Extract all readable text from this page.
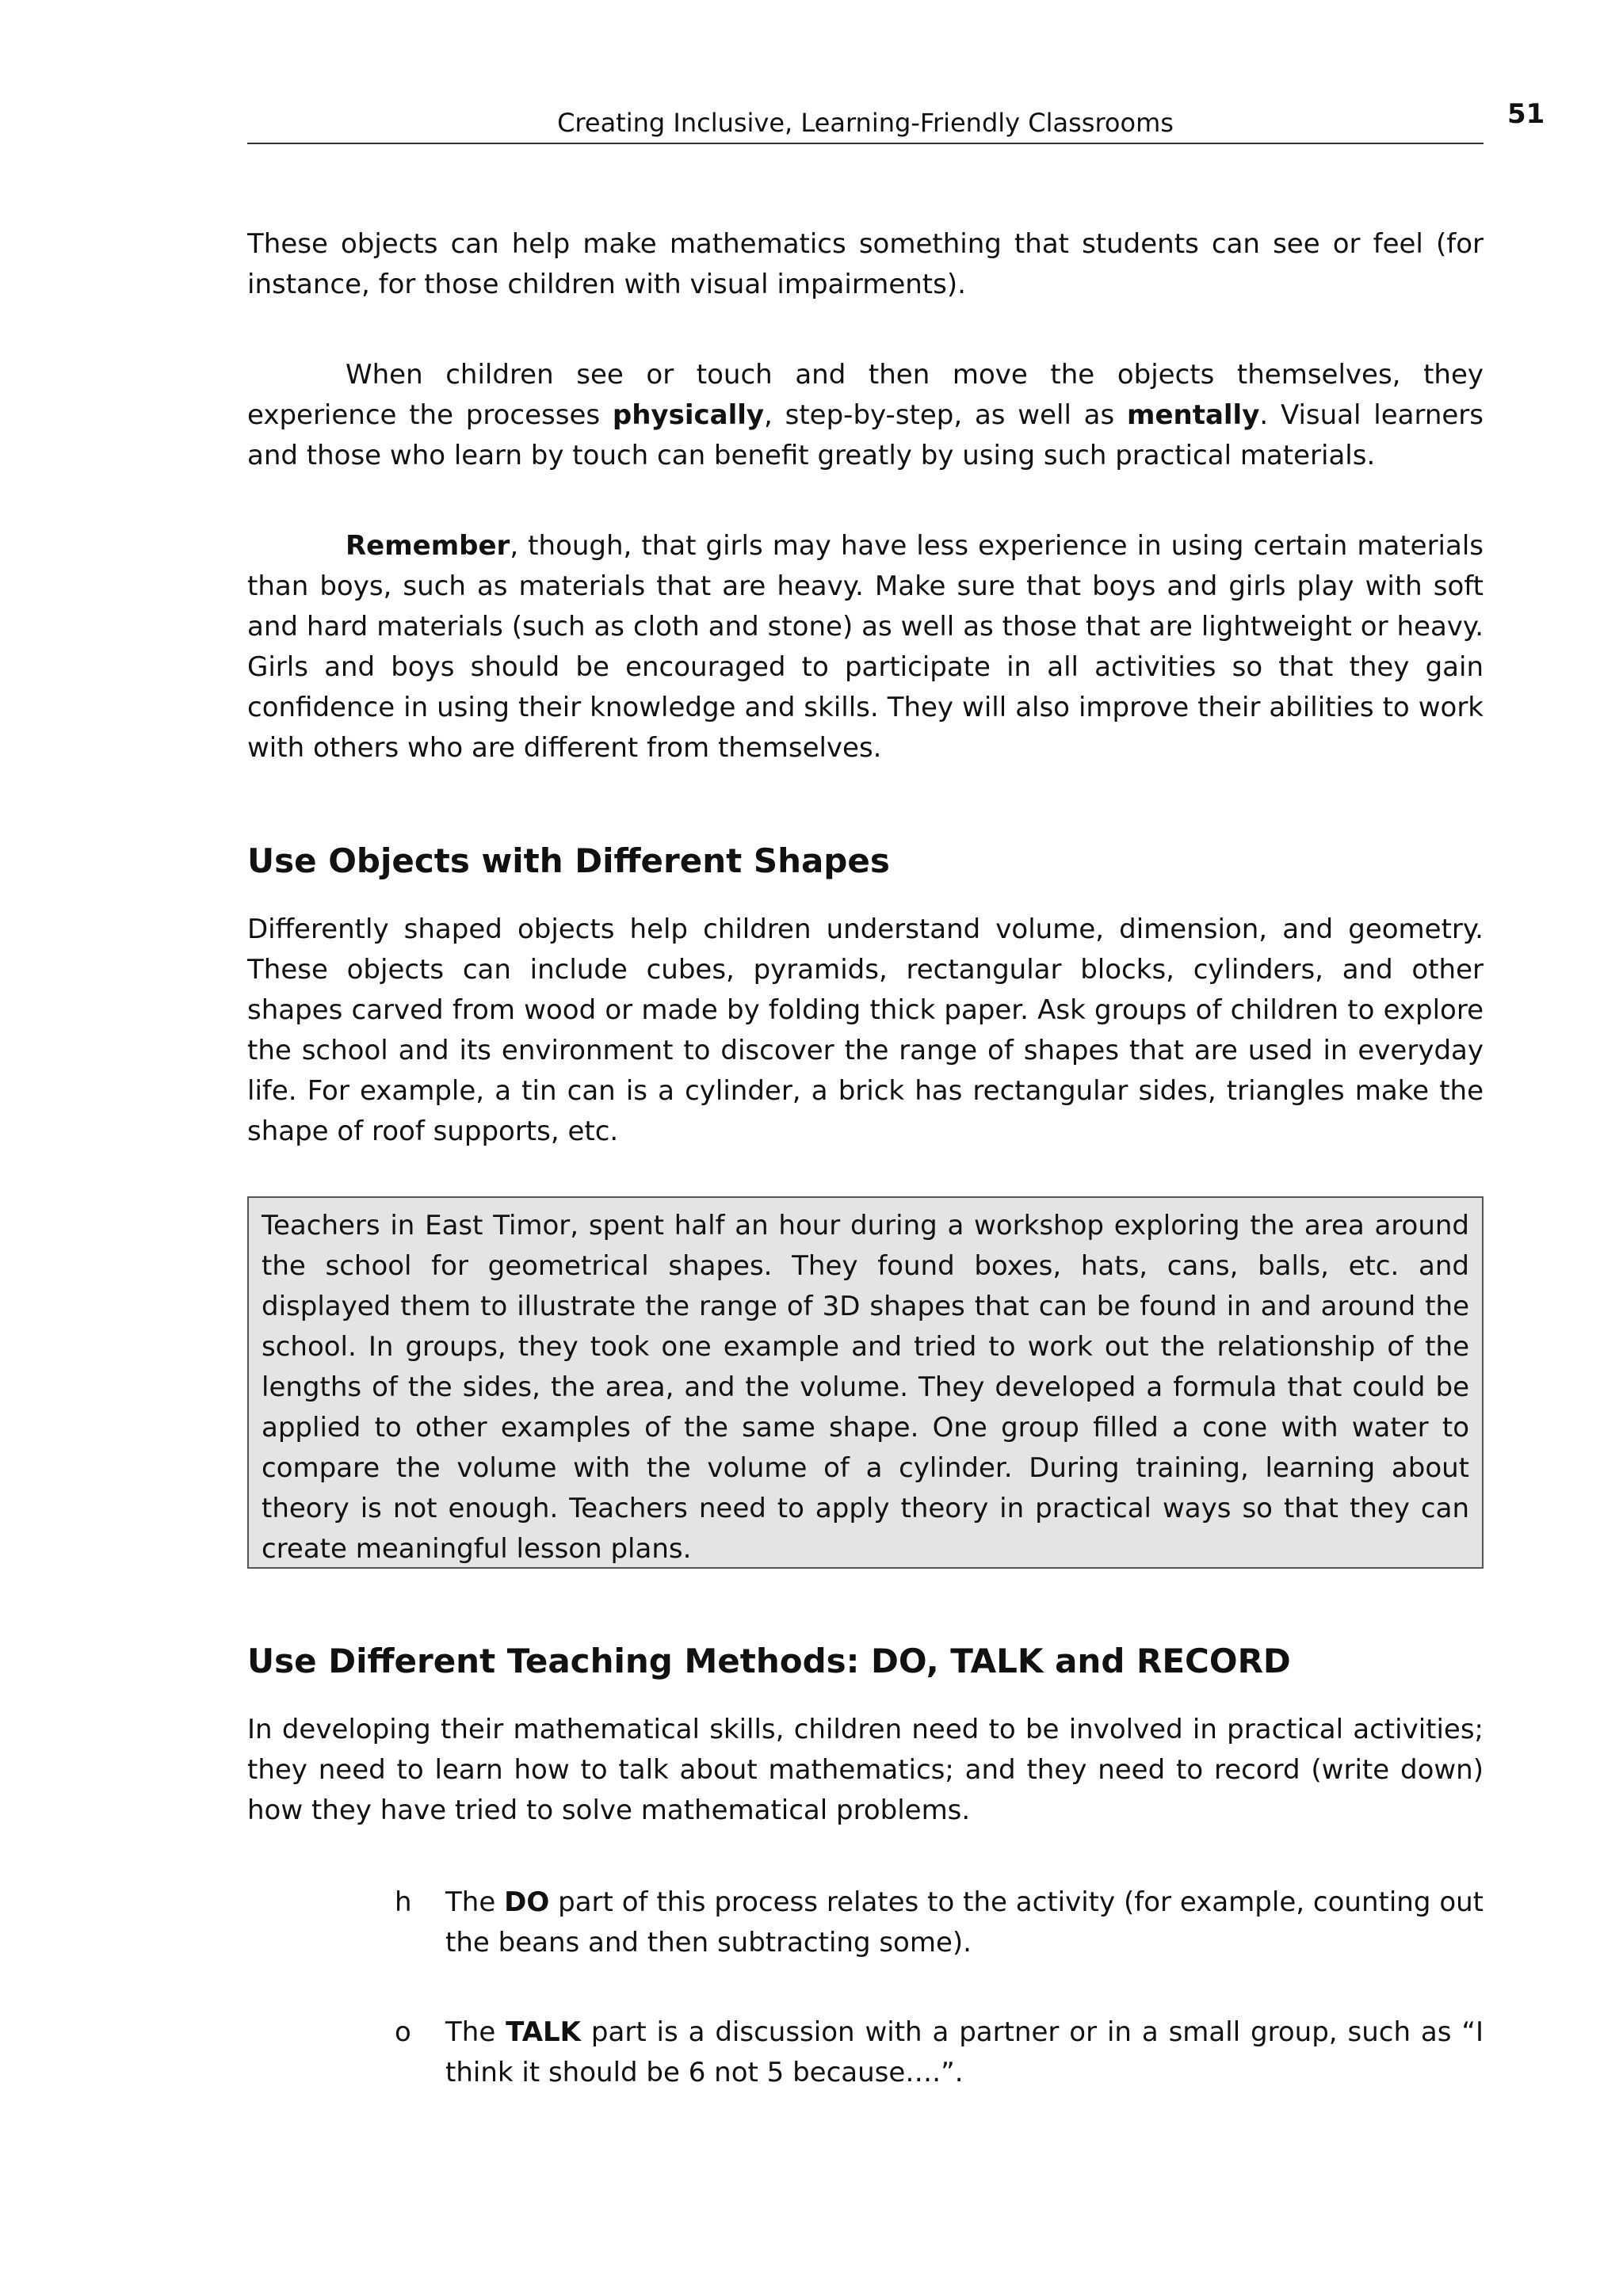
Creating Inclusive, Learning-Friendly Classrooms	51

These objects can help make mathematics something that students can see or feel (for instance, for those children with visual impairments).

When children see or touch and then move the objects themselves, they experience the processes physically, step-by-step, as well as mentally. Visual learners and those who learn by touch can benefit greatly by using such practical materials.

Remember, though, that girls may have less experience in using certain materials than boys, such as materials that are heavy. Make sure that boys and girls play with soft and hard materials (such as cloth and stone) as well as those that are lightweight or heavy. Girls and boys should be encouraged to participate in all activities so that they gain confidence in using their knowledge and skills. They will also improve their abilities to work with others who are different from themselves.

Use Objects with Different Shapes

Differently shaped objects help children understand volume, dimension, and geometry. These objects can include cubes, pyramids, rectangular blocks, cylinders, and other shapes carved from wood or made by folding thick paper. Ask groups of children to explore the school and its environment to discover the range of shapes that are used in everyday life. For example, a tin can is a cylinder, a brick has rectangular sides, triangles make the shape of roof supports, etc.

Teachers in East Timor, spent half an hour during a workshop exploring the area around the school for geometrical shapes. They found boxes, hats, cans, balls, etc. and displayed them to illustrate the range of 3D shapes that can be found in and around the school. In groups, they took one example and tried to work out the relationship of the lengths of the sides, the area, and the volume. They developed a formula that could be applied to other examples of the same shape. One group filled a cone with water to compare the volume with the volume of a cylinder. During training, learning about theory is not enough. Teachers need to apply theory in practical ways so that they can create meaningful lesson plans.
Use Different Teaching Methods: DO, TALK and RECORD

In developing their mathematical skills, children need to be involved in practical activities; they need to learn how to talk about mathematics; and they need to record (write down) how they have tried to solve mathematical problems.

h The DO part of this process relates to the activity (for example, counting out the beans and then subtracting some).
o The TALK part is a discussion with a partner or in a small group, such as “I think it should be 6 not 5 because….”.
